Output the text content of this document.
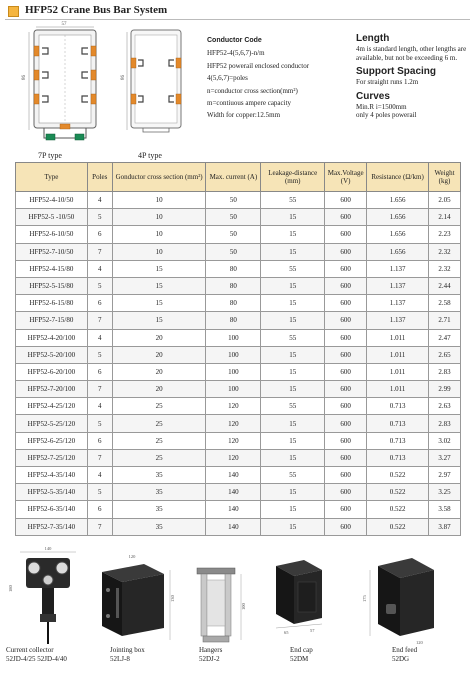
HFP52 Crane Bus Bar System
57
86
7P type
86
4P type
Conductor Code
HFP52-4(5,6,7)-n/m
HFP52 powerail enclosed conductor
4(5,6,7)=poles
n=conductor cross section(mm²)
m=contiuous ampere capacity
Width for copper:12.5mm
Length
4m is standard length, other lengths are available, but not be exceeding 6 m.
Support Spacing
For straight runs 1.2m
Curves
Min.R i=1500mm
only 4 poles powerail
Type	Poles	Gonductor cross section (mm²)	Max. current (A)	Leakage-distance (mm)	Max.Voltage (V)	Resistance (Ω/km)	Weight (kg)
HFP52-4-10/50	4	10	50	55	600	1.656	2.05
HFP52-5 -10/50	5	10	50	15	600	1.656	2.14
HFP52-6-10/50	6	10	50	15	600	1.656	2.23
HFP52-7-10/50	7	10	50	15	600	1.656	2.32
HFP52-4-15/80	4	15	80	55	600	1.137	2.32
HFP52-5-15/80	5	15	80	15	600	1.137	2.44
HFP52-6-15/80	6	15	80	15	600	1.137	2.58
HFP52-7-15/80	7	15	80	15	600	1.137	2.71
HFP52-4-20/100	4	20	100	55	600	1.011	2.47
HFP52-5-20/100	5	20	100	15	600	1.011	2.65
HFP52-6-20/100	6	20	100	15	600	1.011	2.83
HFP52-7-20/100	7	20	100	15	600	1.011	2.99
HFP52-4-25/120	4	25	120	55	600	0.713	2.63
HFP52-5-25/120	5	25	120	15	600	0.713	2.83
HFP52-6-25/120	6	25	120	15	600	0.713	3.02
HFP52-7-25/120	7	25	120	15	600	0.713	3.27
HFP52-4-35/140	4	35	140	55	600	0.522	2.97
HFP52-5-35/140	5	35	140	15	600	0.522	3.25
HFP52-6-35/140	6	35	140	15	600	0.522	3.58
HFP52-7-35/140	7	35	140	15	600	0.522	3.87
140
180
Current collector
52JD-4/25 52JD-4/40
120
130
Jointing box
52LJ-8
100
Hangers
52DJ-2
65	57
End cap
52DM
175
120
End feed
52DG
